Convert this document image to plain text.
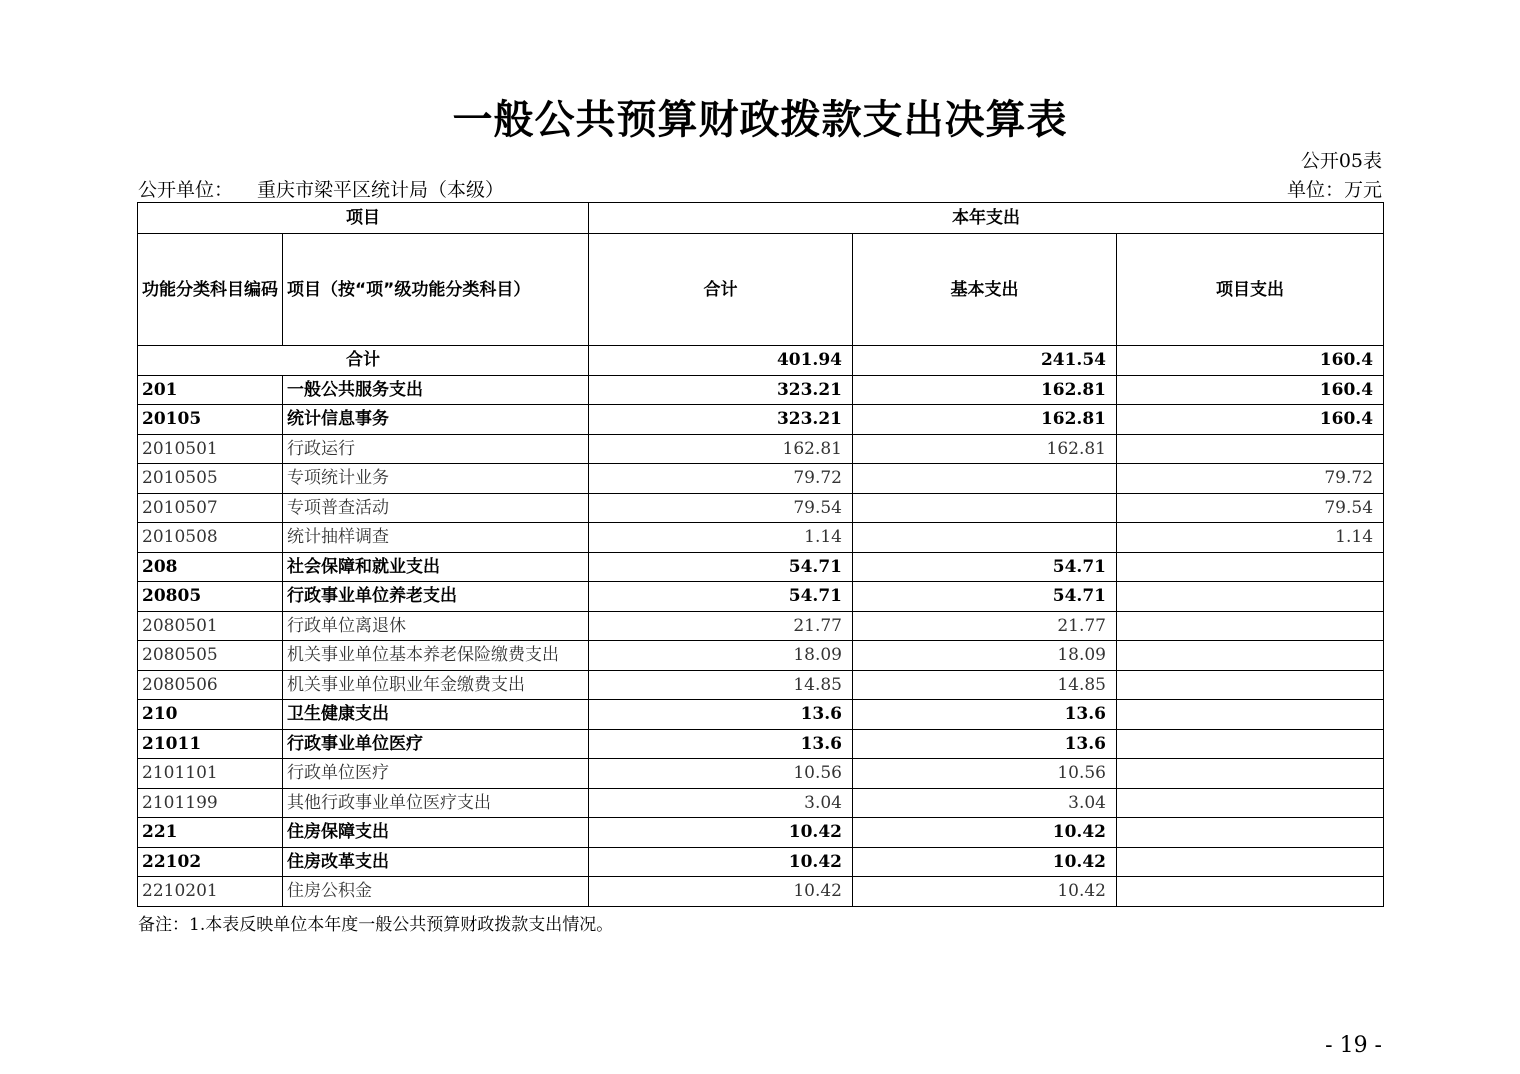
一般公共预算财政拨款支出决算表
公开05表
公开单位： 重庆市梁平区统计局（本级）	单位：万元
项目		本年支出		
功能分类科目编码	项目（按“项”级功能分类科目）	合计	基本支出	项目支出
合计		401.94	241.54	160.4
201	一般公共服务支出	323.21	162.81	160.4
20105	统计信息事务	323.21	162.81	160.4
2010501	行政运行	162.81	162.81	
2010505	专项统计业务	79.72		79.72
2010507	专项普查活动	79.54		79.54
2010508	统计抽样调查	1.14		1.14
208	社会保障和就业支出	54.71	54.71	
20805	行政事业单位养老支出	54.71	54.71	
2080501	行政单位离退休	21.77	21.77	
2080505	机关事业单位基本养老保险缴费支出	18.09	18.09	
2080506	机关事业单位职业年金缴费支出	14.85	14.85	
210	卫生健康支出	13.6	13.6	
21011	行政事业单位医疗	13.6	13.6	
2101101	行政单位医疗	10.56	10.56	
2101199	其他行政事业单位医疗支出	3.04	3.04	
221	住房保障支出	10.42	10.42	
22102	住房改革支出	10.42	10.42	
2210201	住房公积金	10.42	10.42	
备注：1.本表反映单位本年度一般公共预算财政拨款支出情况。
- 19 -
